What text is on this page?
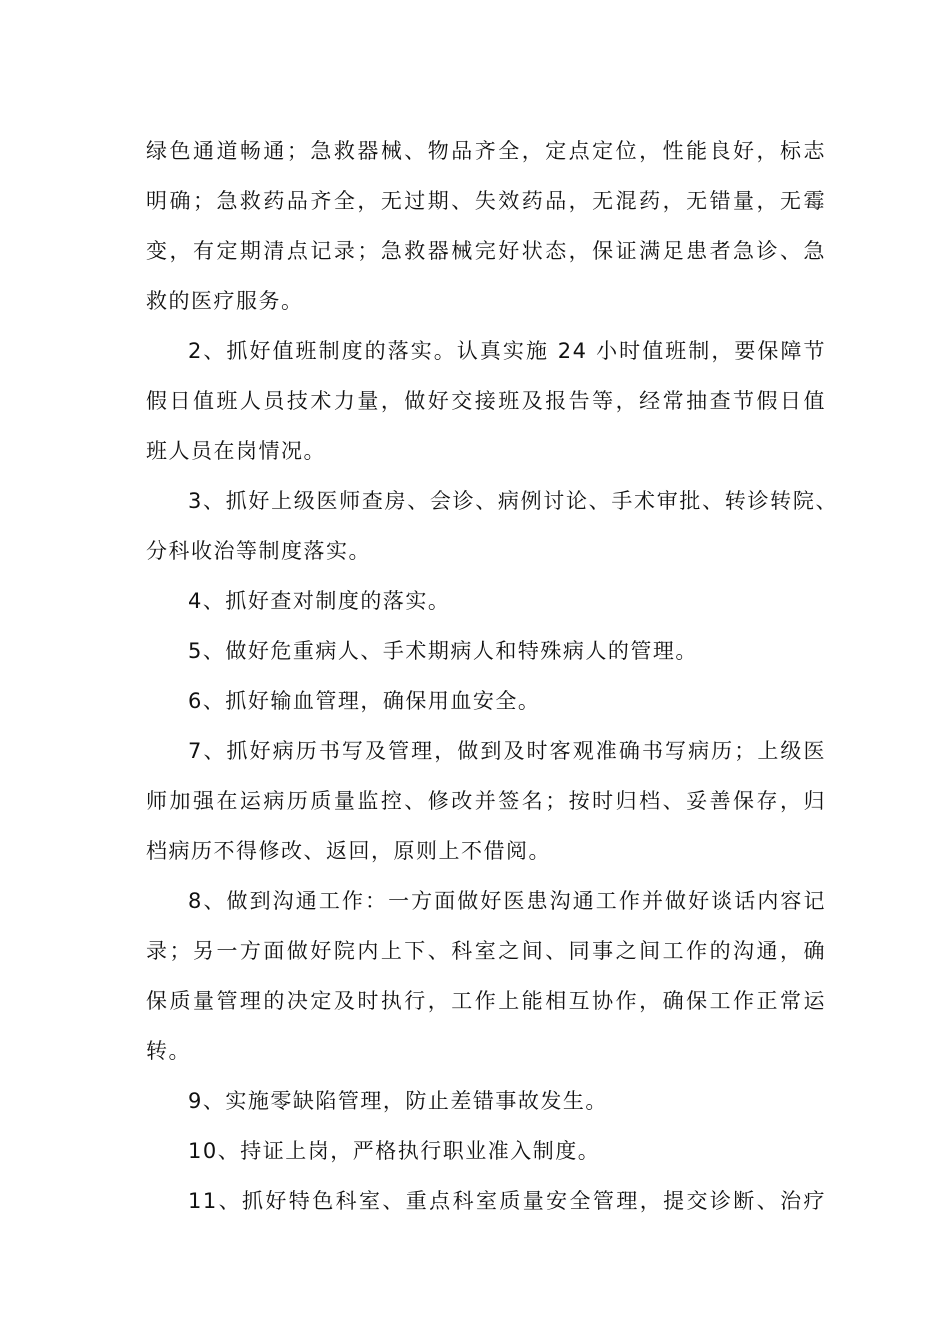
绿色通道畅通；急救器械、物品齐全，定点定位，性能良好，标志
明确；急救药品齐全，无过期、失效药品，无混药，无错量，无霉
变，有定期清点记录；急救器械完好状态，保证满足患者急诊、急
救的医疗服务。
2、抓好值班制度的落实。认真实施 24 小时值班制，要保障节
假日值班人员技术力量，做好交接班及报告等，经常抽查节假日值
班人员在岗情况。
3、抓好上级医师查房、会诊、病例讨论、手术审批、转诊转院、
分科收治等制度落实。
4、抓好查对制度的落实。
5、做好危重病人、手术期病人和特殊病人的管理。
6、抓好输血管理，确保用血安全。
7、抓好病历书写及管理，做到及时客观准确书写病历；上级医
师加强在运病历质量监控、修改并签名；按时归档、妥善保存，归
档病历不得修改、返回，原则上不借阅。
8、做到沟通工作：一方面做好医患沟通工作并做好谈话内容记
录；另一方面做好院内上下、科室之间、同事之间工作的沟通，确
保质量管理的决定及时执行，工作上能相互协作，确保工作正常运
转。
9、实施零缺陷管理，防止差错事故发生。
10、持证上岗，严格执行职业准入制度。
11、抓好特色科室、重点科室质量安全管理，提交诊断、治疗
